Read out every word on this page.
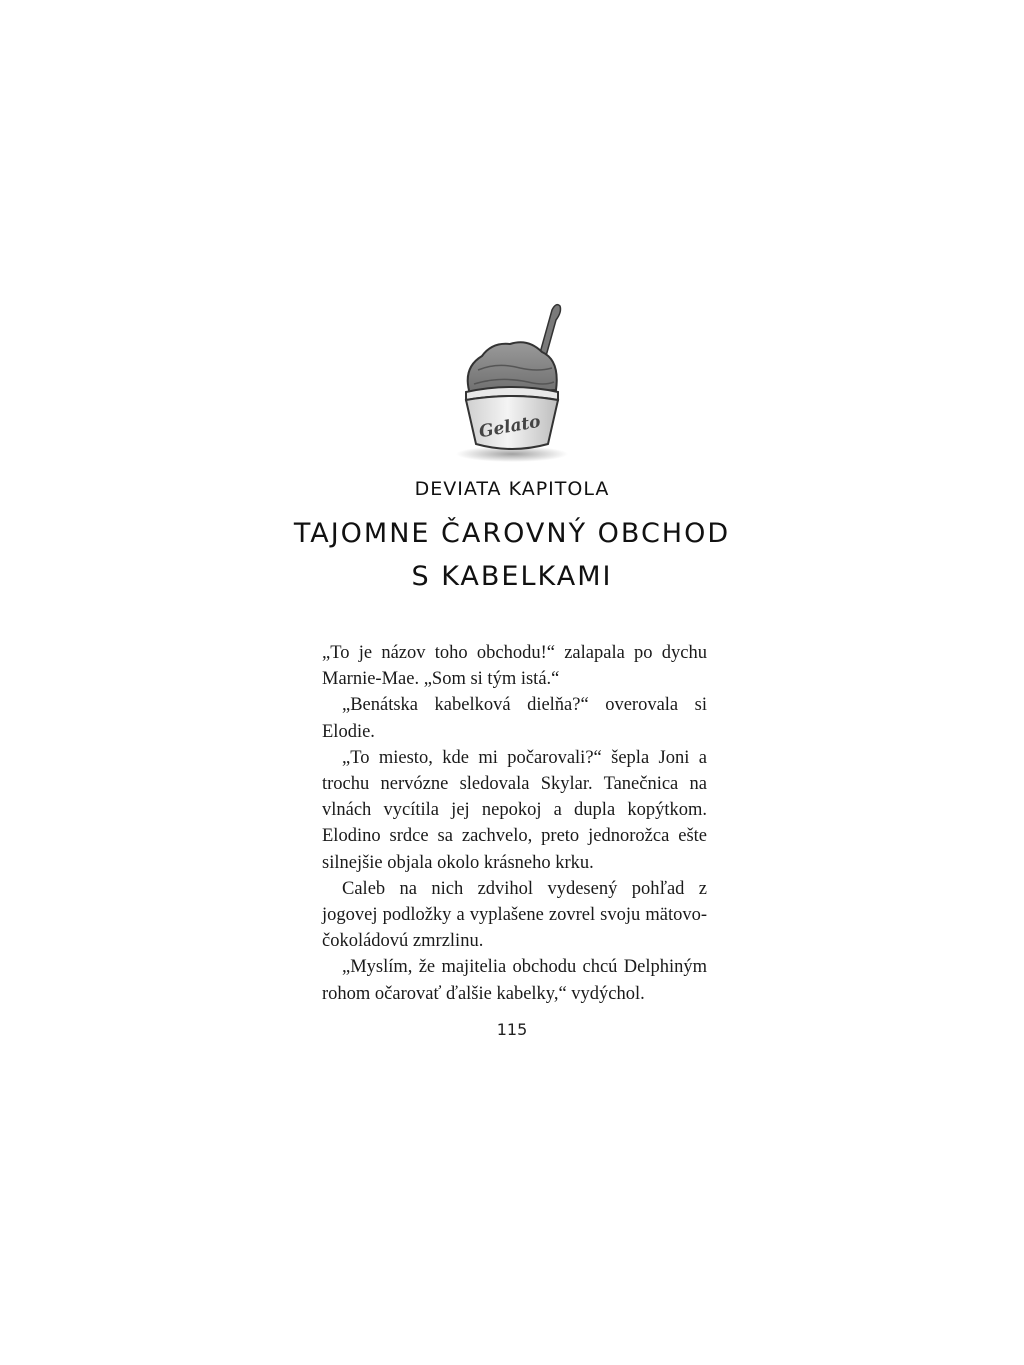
Gelato
DEVIATA KAPITOLA
TAJOMNE ČAROVNÝ OBCHOD
S KABELKAMI

„To je názov toho obchodu!“ zalapala po dychu Marnie-Mae. „Som si tým istá.“

„Benátska kabelková dielňa?“ overovala si Elodie.

„To miesto, kde mi počarovali?“ šepla Joni a trochu nervózne sledovala Skylar. Tanečnica na vlnách vycítila jej nepokoj a dupla kopýtkom. Elodino srdce sa zachvelo, preto jednorožca ešte silnejšie objala okolo krásneho krku.

Caleb na nich zdvihol vydesený pohľad z jogovej podložky a vyplašene zovrel svoju mätovo-čokoládovú zmrzlinu.

„Myslím, že majitelia obchodu chcú Delphiným rohom očarovať ďalšie kabelky,“ vydýchol.

115
